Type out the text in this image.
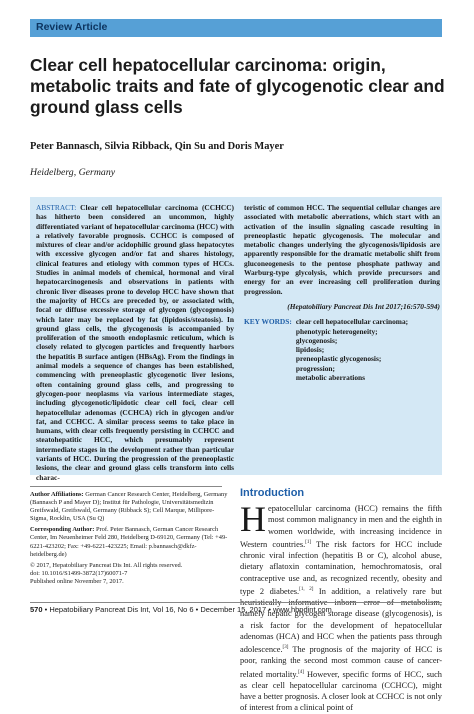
Review Article
Clear cell hepatocellular carcinoma: origin, metabolic traits and fate of glycogenotic clear and ground glass cells
Peter Bannasch, Silvia Ribback, Qin Su and Doris Mayer
Heidelberg, Germany
ABSTRACT: Clear cell hepatocellular carcinoma (CCHCC) has hitherto been considered an uncommon, highly differentiated variant of hepatocellular carcinoma (HCC) with a relatively favorable prognosis. CCHCC is composed of mixtures of clear and/or acidophilic ground glass hepatocytes with excessive glycogen and/or fat and shares histology, clinical features and etiology with common types of HCCs. Studies in animal models of chemical, hormonal and viral hepatocarcinogenesis and observations in patients with chronic liver diseases prone to develop HCC have shown that the majority of HCCs are preceded by, or associated with, focal or diffuse excessive storage of glycogen (glycogenosis) which later may be replaced by fat (lipidosis/steatosis). In ground glass cells, the glycogenosis is accompanied by proliferation of the smooth endoplasmic reticulum, which is closely related to glycogen particles and frequently harbors the hepatitis B surface antigen (HBsAg). From the findings in animal models a sequence of changes has been established, commencing with preneoplastic glycogenotic liver lesions, often containing ground glass cells, and progressing to glycogen-poor neoplasms via various intermediate stages, including glycogenotic/lipidotic clear cell foci, clear cell hepatocellular adenomas (CCHCA) rich in glycogen and/or fat, and CCHCC. A similar process seems to take place in humans, with clear cells frequently persisting in CCHCC and steatohepatitic HCC, which presumably represent intermediate stages in the development rather than particular variants of HCC. During the progression of the preneoplastic lesions, the clear and ground glass cells transform into cells charac-
teristic of common HCC. The sequential cellular changes are associated with metabolic aberrations, which start with an activation of the insulin signaling cascade resulting in preneoplastic hepatic glycogenosis. The molecular and metabolic changes underlying the glycogenosis/lipidosis are apparently responsible for the dramatic metabolic shift from gluconeogenesis to the pentose phosphate pathway and Warburg-type glycolysis, which provide precursors and energy for an ever increasing cell proliferation during progression.
(Hepatobiliary Pancreat Dis Int 2017;16:570-594)
KEY WORDS: clear cell hepatocellular carcinoma;
phenotypic heterogeneity;
glycogenosis;
lipidosis;
preneoplastic glycogenosis;
progression;
metabolic aberrations

Author Affiliations: German Cancer Research Center, Heidelberg, Germany (Bannasch P and Mayer D); Institut für Pathologie, Universitätsmedizin Greifswald, Greifswald, Germany (Ribback S); Cell Marque, Millipore-Sigma, Rocklin, USA (Su Q)

Corresponding Author: Prof. Peter Bannasch, German Cancer Research Center, Im Neuenheimer Feld 280, Heidelberg D-69120, Germany (Tel: +49-6221-423202; Fax: +49-6221-423225; Email: p.bannasch@dkfz-heidelberg.de)

© 2017, Hepatobiliary Pancreat Dis Int. All rights reserved.
doi: 10.1016/S1499-3872(17)60071-7
Published online November 7, 2017.
Introduction
Hepatocellular carcinoma (HCC) remains the fifth most common malignancy in men and the eighth in women worldwide, with increasing incidence in Western countries.[1] The risk factors for HCC include chronic viral infection (hepatitis B or C), alcohol abuse, dietary aflatoxin contamination, hemochromatosis, oral contraceptive use and, as recognized recently, obesity and type 2 diabetes.[1, 2] In addition, a relatively rare but namely hepatic glycogen storage disease (glycogenosis), is a risk factor for the development of hepatocellular adenomas (HCA) and HCC when the patients pass through adolescence.[3] The prognosis of the majority of HCC is poor, ranking the second most common cause of cancer-related mortality.[4] However, specific forms of HCC, such as clear cell hepatocellular carcinoma (CCHCC), might have a better prognosis. A closer look at CCHCC is not only of interest from a clinical point of
570 • Hepatobiliary Pancreat Dis Int, Vol 16, No 6 • December 15, 2017 • www.hbpdint.com
